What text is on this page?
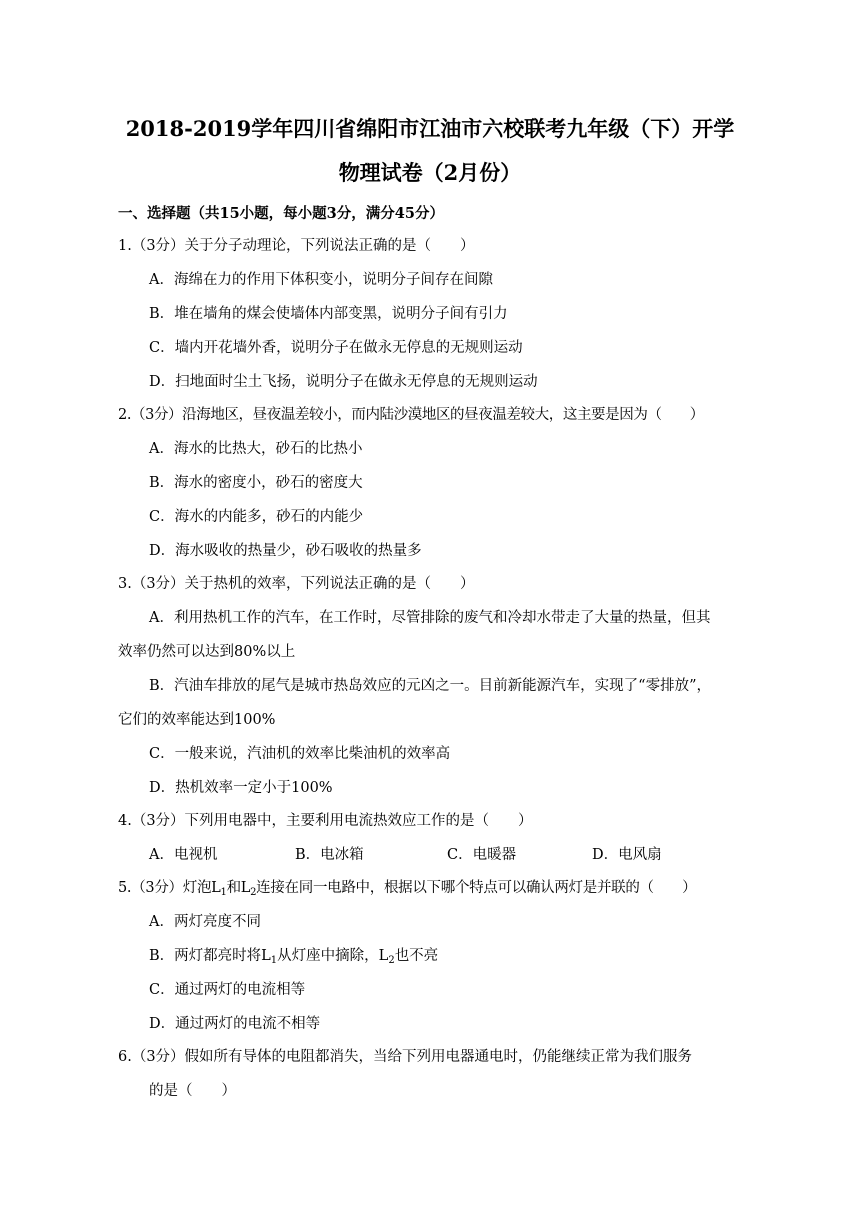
2018-2019学年四川省绵阳市江油市六校联考九年级（下）开学
物理试卷（2月份）
一、选择题（共15小题，每小题3分，满分45分）
1.（3分）关于分子动理论，下列说法正确的是（　　）
A．海绵在力的作用下体积变小，说明分子间存在间隙
B．堆在墙角的煤会使墙体内部变黑，说明分子间有引力
C．墙内开花墙外香，说明分子在做永无停息的无规则运动
D．扫地面时尘土飞扬，说明分子在做永无停息的无规则运动
2.（3分）沿海地区，昼夜温差较小，而内陆沙漠地区的昼夜温差较大，这主要是因为（　　）
A．海水的比热大，砂石的比热小
B．海水的密度小，砂石的密度大
C．海水的内能多，砂石的内能少
D．海水吸收的热量少，砂石吸收的热量多
3.（3分）关于热机的效率，下列说法正确的是（　　）
A．利用热机工作的汽车，在工作时，尽管排除的废气和冷却水带走了大量的热量，但其
效率仍然可以达到80%以上
B．汽油车排放的尾气是城市热岛效应的元凶之一。目前新能源汽车，实现了“零排放”，
它们的效率能达到100%
C．一般来说，汽油机的效率比柴油机的效率高
D．热机效率一定小于100%
4.（3分）下列用电器中，主要利用电流热效应工作的是（　　）
A．电视机	B．电冰箱	C．电暖器	D．电风扇
5.（3分）灯泡$L_1$和$L_2$连接在同一电路中，根据以下哪个特点可以确认两灯是并联的（　　）
A．两灯亮度不同
B．两灯都亮时将$L_1$从灯座中摘除，$L_2$也不亮
C．通过两灯的电流相等
D．通过两灯的电流不相等
6.（3分）假如所有导体的电阻都消失，当给下列用电器通电时，仍能继续正常为我们服务
的是（　　）
